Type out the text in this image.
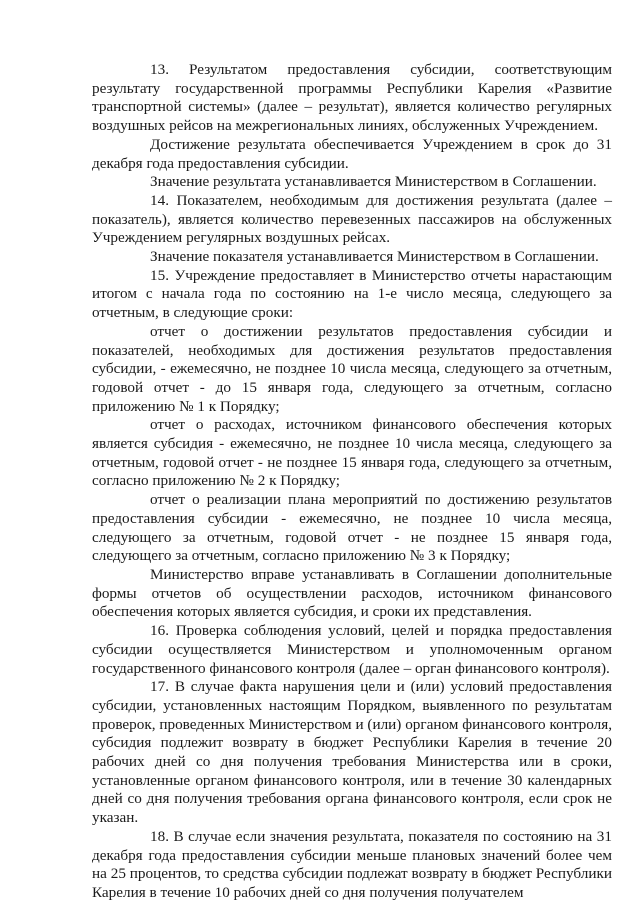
13. Результатом предоставления субсидии, соответствующим результату государственной программы Республики Карелия «Развитие транспортной системы» (далее – результат), является количество регулярных воздушных рейсов на межрегиональных линиях, обслуженных Учреждением.

Достижение результата обеспечивается Учреждением в срок до 31 декабря года предоставления субсидии.

Значение результата устанавливается Министерством в Соглашении.

14. Показателем, необходимым для достижения результата (далее – показатель), является количество перевезенных пассажиров на обслуженных Учреждением регулярных воздушных рейсах.

Значение показателя устанавливается Министерством в Соглашении.

15. Учреждение предоставляет в Министерство отчеты нарастающим итогом с начала года по состоянию на 1-е число месяца, следующего за отчетным, в следующие сроки:

отчет о достижении результатов предоставления субсидии и показателей, необходимых для достижения результатов предоставления субсидии, - ежемесячно, не позднее 10 числа месяца, следующего за отчетным, годовой отчет - до 15 января года, следующего за отчетным, согласно приложению № 1 к Порядку;

отчет о расходах, источником финансового обеспечения которых является субсидия - ежемесячно, не позднее 10 числа месяца, следующего за отчетным, годовой отчет - не позднее 15 января года, следующего за отчетным, согласно приложению № 2 к Порядку;

отчет о реализации плана мероприятий по достижению результатов предоставления субсидии - ежемесячно, не позднее 10 числа месяца, следующего за отчетным, годовой отчет - не позднее 15 января года, следующего за отчетным, согласно приложению № 3 к Порядку;

Министерство вправе устанавливать в Соглашении дополнительные формы отчетов об осуществлении расходов, источником финансового обеспечения которых является субсидия, и сроки их представления.

16. Проверка соблюдения условий, целей и порядка предоставления субсидии осуществляется Министерством и уполномоченным органом государственного финансового контроля (далее – орган финансового контроля).

17. В случае факта нарушения цели и (или) условий предоставления субсидии, установленных настоящим Порядком, выявленного по результатам проверок, проведенных Министерством и (или) органом финансового контроля, субсидия подлежит возврату в бюджет Республики Карелия в течение 20 рабочих дней со дня получения требования Министерства или в сроки, установленные органом финансового контроля, или в течение 30 календарных дней со дня получения требования органа финансового контроля, если срок не указан.

18. В случае если значения результата, показателя по состоянию на 31 декабря года предоставления субсидии меньше плановых значений более чем на 25 процентов, то средства субсидии подлежат возврату в бюджет Республики Карелия в течение 10 рабочих дней со дня получения получателем
